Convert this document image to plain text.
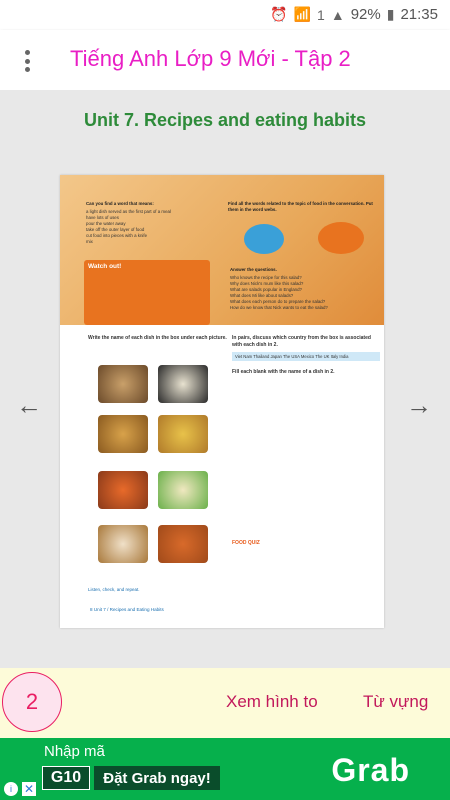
⏰ 📶 1 ▲ 92% ▮ 21:35
Tiếng Anh Lớp 9 Mới - Tập 2
Unit 7. Recipes and eating habits
←	→
Can you find a word that means:
a light dish served as the first part of a meal
have lots of uses
pour the water away
take off the outer layer of food
cut food into pieces with a knife
mix
Watch out!
Find all the words related to the topic of food in the conversation. Put them in the word webs.
Answer the questions.
Who knows the recipe for this salad?
Why does Nick's mum like this salad?
What are salads popular in England?
What does Mi like about salads?
What does each person do to prepare the salad?
How do we know that Nick wants to eat the salad?
Write the name of each dish in the box under each picture.
Listen, check, and repeat.
In pairs, discuss which country from the box is associated with each dish in 2.
Viet Nam Thailand Japan The USA Mexico The UK Italy India
Fill each blank with the name of a dish in 2.
FOOD QUIZ
8 Unit 7 / Recipes and Eating Habits
2	Xem hình to	Từ vựng
Nhập mã
G10	Đặt Grab ngay!	Grab
i ✕
